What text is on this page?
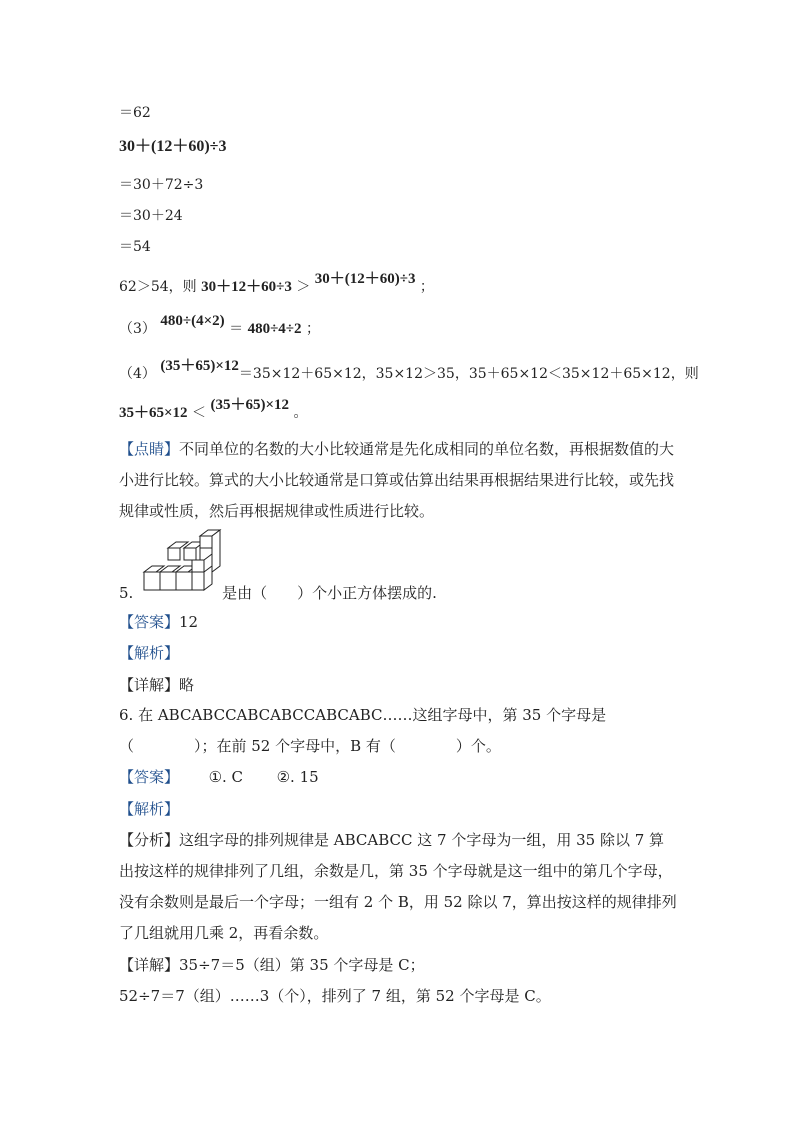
＝62
30＋(12＋60)÷3
＝30＋72÷3
＝30＋24
＝54
62＞54，则 30＋12＋60÷3 ＞ 30＋(12＋60)÷3 ；
（3） 480÷(4×2) ＝ 480÷4÷2 ；
（4） (35＋65)×12＝35×12＋65×12，35×12＞35，35＋65×12＜35×12＋65×12，则
35＋65×12 ＜ (35＋65)×12 。
【点睛】不同单位的名数的大小比较通常是先化成相同的单位名数，再根据数值的大小进行比较。算式的大小比较通常是口算或估算出结果再根据结果进行比较，或先找规律或性质，然后再根据规律或性质进行比较。
5.	是由（　　）个小正方体摆成的.
【答案】12
【解析】
【详解】略
6. 在 ABCABCCABCABCCABCABC……这组字母中，第 35 个字母是（　　　　）；在前 52 个字母中，B 有（　　　　）个。
【答案】 ①. C ②. 15
【解析】
【分析】这组字母的排列规律是 ABCABCC 这 7 个字母为一组，用 35 除以 7 算出按这样的规律排列了几组，余数是几，第 35 个字母就是这一组中的第几个字母，没有余数则是最后一个字母；一组有 2 个 B，用 52 除以 7，算出按这样的规律排列了几组就用几乘 2，再看余数。
【详解】35÷7＝5（组）第 35 个字母是 C；
52÷7＝7（组）……3（个），排列了 7 组，第 52 个字母是 C。
